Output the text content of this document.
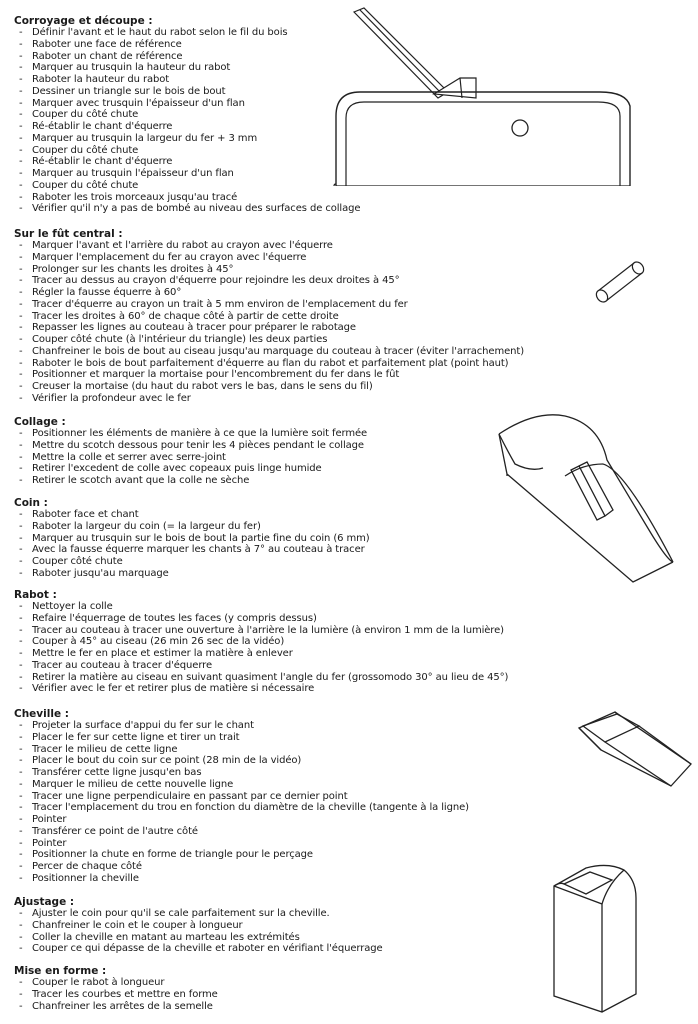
Corroyage et découpe :
- Définir l'avant et le haut du rabot selon le fil du bois
- Raboter une face de référence
- Raboter un chant de référence
- Marquer au trusquin la hauteur du rabot
- Raboter la hauteur du rabot
- Dessiner un triangle sur le bois de bout
- Marquer avec trusquin l'épaisseur d'un flan
- Couper du côté chute
- Ré-établir le chant d'équerre
- Marquer au trusquin la largeur du fer + 3 mm
- Couper du côté chute
- Ré-établir le chant d'équerre
- Marquer au trusquin l'épaisseur d'un flan
- Couper du côté chute
- Raboter les trois morceaux jusqu'au tracé
- Vérifier qu'il n'y a pas de bombé au niveau des surfaces de collage
Sur le fût central :
- Marquer l'avant et l'arrière du rabot au crayon avec l'équerre
- Marquer l'emplacement du fer au crayon avec l'équerre
- Prolonger sur les chants les droites à 45°
- Tracer au dessus au crayon d'équerre pour rejoindre les deux droites à 45°
- Régler la fausse équerre à 60°
- Tracer d'équerre au crayon un trait à 5 mm environ de l'emplacement du fer
- Tracer les droites à 60° de chaque côté à partir de cette droite
- Repasser les lignes au couteau à tracer pour préparer le rabotage
- Couper côté chute (à l'intérieur du triangle) les deux parties
- Chanfreiner le bois de bout au ciseau jusqu'au marquage du couteau à tracer (éviter l'arrachement)
- Raboter le bois de bout parfaitement d'équerre au flan du rabot et parfaitement plat (point haut)
- Positionner et marquer la mortaise pour l'encombrement du fer dans le fût
- Creuser la mortaise (du haut du rabot vers le bas, dans le sens du fil)
- Vérifier la profondeur avec le fer
Collage :
- Positionner les éléments de manière à ce que la lumière soit fermée
- Mettre du scotch dessous pour tenir les 4 pièces pendant le collage
- Mettre la colle et serrer avec serre-joint
- Retirer l'excedent de colle avec copeaux puis linge humide
- Retirer le scotch avant que la colle ne sèche
Coin :
- Raboter face et chant
- Raboter la largeur du coin (= la largeur du fer)
- Marquer au trusquin sur le bois de bout la partie fine du coin (6 mm)
- Avec la fausse équerre marquer les chants à 7° au couteau à tracer
- Couper côté chute
- Raboter jusqu'au marquage
Rabot :
- Nettoyer la colle
- Refaire l'équerrage de toutes les faces (y compris dessus)
- Tracer au couteau à tracer une ouverture à l'arrière le la lumière (à environ 1 mm de la lumière)
- Couper à 45° au ciseau (26 min 26 sec de la vidéo)
- Mettre le fer en place et estimer la matière à enlever
- Tracer au couteau à tracer d'équerre
- Retirer la matière au ciseau en suivant quasiment l'angle du fer (grossomodo 30° au lieu de 45°)
- Vérifier avec le fer et retirer plus de matière si nécessaire
Cheville :
- Projeter la surface d'appui du fer sur le chant
- Placer le fer sur cette ligne et tirer un trait
- Tracer le milieu de cette ligne
- Placer le bout du coin sur ce point (28 min de la vidéo)
- Transférer cette ligne jusqu'en bas
- Marquer le milieu de cette nouvelle ligne
- Tracer une ligne perpendiculaire en passant par ce dernier point
- Tracer l'emplacement du trou en fonction du diamètre de la cheville (tangente à la ligne)
- Pointer
- Transférer ce point de l'autre côté
- Pointer
- Positionner la chute en forme de triangle pour le perçage
- Percer de chaque côté
- Positionner la cheville
Ajustage :
- Ajuster le coin pour qu'il se cale parfaitement sur la cheville.
- Chanfreiner le coin et le couper à longueur
- Coller la cheville en matant au marteau les extrémités
- Couper ce qui dépasse de la cheville et raboter en vérifiant l'équerrage
Mise en forme :
- Couper le rabot à longueur
- Tracer les courbes et mettre en forme
- Chanfreiner les arrêtes de la semelle
